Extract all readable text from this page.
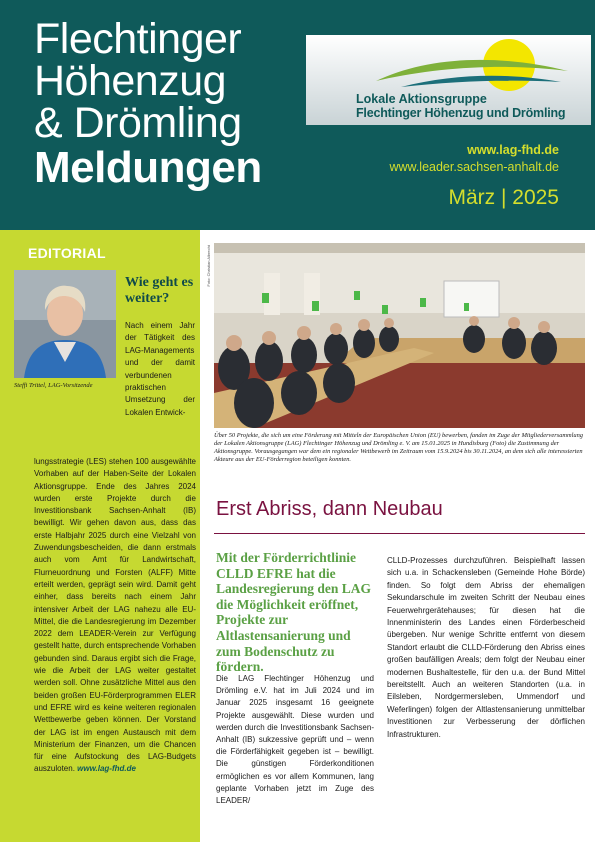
Flechtinger
Höhenzug
& Drömling
Meldungen
Lokale Aktionsgruppe
Flechtinger Höhenzug und Drömling
www.lag-fhd.de
www.leader.sachsen-anhalt.de
März | 2025
EDITORIAL
Steffi Trittel, LAG-Vorsitzende
Wie geht es weiter?
Nach einem Jahr der Tätigkeit des LAG-Managements und der damit verbundenen praktischen Umsetzung der Lokalen Entwick-
lungsstrategie (LES) stehen 100 ausgewählte Vorhaben auf der Haben-Seite der Lokalen Aktionsgruppe. Ende des Jahres 2024 wurden erste Projekte durch die Investitionsbank Sachsen-Anhalt (IB) bewilligt. Wir gehen davon aus, dass das erste Halbjahr 2025 durch eine Vielzahl von Zuwendungsbescheiden, die dann erstmals auch vom Amt für Landwirtschaft, Flurneuordnung und Forsten (ALFF) Mitte erteilt werden, geprägt sein wird. Damit geht einher, dass bereits nach einem Jahr intensiver Arbeit der LAG nahezu alle EU-Mittel, die die Landesregierung im Dezember 2022 dem LEADER-Verein zur Verfügung gestellt hatte, durch entsprechende Vorhaben gebunden sind. Daraus ergibt sich die Frage, wie die Arbeit der LAG weiter gestaltet werden soll. Ohne zusätzliche Mittel aus den beiden großen EU-Förderprogrammen ELER und EFRE wird es keine weiteren regionalen Wettbewerbe geben können. Der Vorstand der LAG ist im engen Austausch mit dem Ministerium der Finanzen, um die Chancen für eine Aufstockung des LAG-Budgets auszuloten. www.lag-fhd.de
Foto: Christian Albrecht
Über 50 Projekte, die sich um eine Förderung mit Mitteln der Europäischen Union (EU) bewerben, fanden im Zuge der Mitgliederversammlung der Lokalen Aktionsgruppe (LAG) Flechtinger Höhenzug und Drömling e. V. am 15.01.2025 in Hundisburg (Foto) die Zustimmung der Aktionsgruppe. Vorausgegangen war dem ein regionaler Wettbewerb im Zeitraum vom 15.9.2024 bis 30.11.2024, an dem sich alle interessierten Akteure aus der EU-Förderregion beteiligen konnten.
Erst Abriss, dann Neubau
Mit der Förderrichtlinie CLLD EFRE hat die Landesregierung den LAG die Möglichkeit eröffnet, Projekte zur Altlastensanierung und zum Bodenschutz zu fördern.
Die LAG Flechtinger Höhenzug und Drömling e.V. hat im Juli 2024 und im Januar 2025 insgesamt 16 geeignete Projekte ausgewählt. Diese wurden und werden durch die Investitionsbank Sachsen-Anhalt (IB) sukzessive geprüft und – wenn die Förderfähigkeit gegeben ist – bewilligt. Die günstigen Förderkonditionen ermöglichen es vor allem Kommunen, lang geplante Vorhaben jetzt im Zuge des LEADER/
CLLD-Prozesses durchzuführen. Beispielhaft lassen sich u.a. in Schackensleben (Gemeinde Hohe Börde) finden. So folgt dem Abriss der ehemaligen Sekundarschule im zweiten Schritt der Neubau eines Feuerwehrgerätehauses; für diesen hat die Innenministerin des Landes einen Förderbescheid übergeben. Nur wenige Schritte entfernt von diesem Standort erlaubt die CLLD-Förderung den Abriss eines großen baufälligen Areals; dem folgt der Neubau einer modernen Bushaltestelle, für den u.a. der Bund Mittel bereitstellt. Auch an weiteren Standorten (u.a. in Eilsleben, Nordgermersleben, Ummendorf und Weferlingen) folgen der Altlastensanierung unmittelbar Investitionen zur Verbesserung der dörflichen Infrastrukturen.
